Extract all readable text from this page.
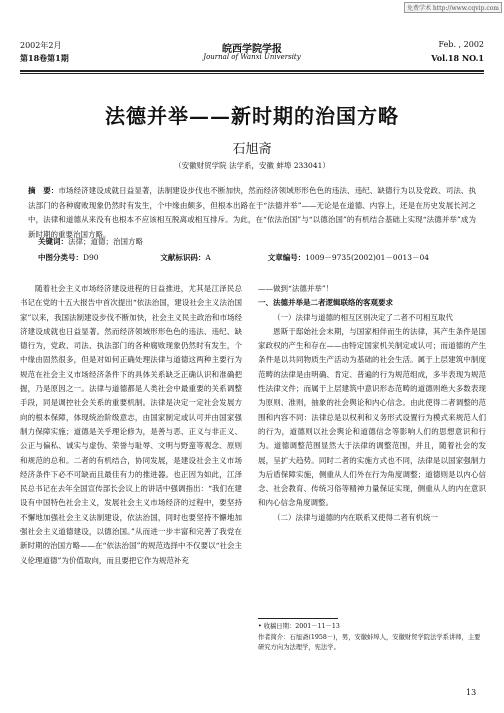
免费学术 http://www.cqvip.com
2002年2月
第18卷第1期
皖西学院学报
Journal of Wanxi University
Feb. , 2002
Vol.18 NO.1
法德并举——新时期的治国方略
石旭斋
（安徽财贸学院 法学系，安徽 蚌埠 233041）
摘　要：市场经济建设成就日益显著，法制建设步伐也不断加快，然而经济领域形形色色的违法、违纪、缺德行为以及党政、司法、执法部门的各种腐败现象仍然时有发生，个中缘由颇多，但根本出路在于“法德并举”——无论是在道德、内容上，还是在历史发展长河之中，法律和道德从来没有也根本不应该相互脱离或相互排斥。为此，在“依法治国”与“以德治国”的有机结合基础上实现“法德并举”成为新时期的重要治国方略。
关键词：法律；道德；治国方略
中图分类号：D90	文献标识码：A	文章编号：1009－9735(2002)01－0013－04
随着社会主义市场经济建设进程的日益推进，尤其是江泽民总书记在党的十五大报告中首次提出“依法治国，建设社会主义法治国家”以来，我国法制建设步伐不断加快，社会主义民主政治和市场经济建设成就也日益显著。然而经济领域形形色色的违法、违纪、缺德行为，党政、司法、执法部门的各种腐败现象仍然时有发生，个中缘由固然很多，但是对如何正确处理法律与道德这两种主要行为规范在社会主义市场经济条件下的具体关系缺乏正确认识和准确把握，乃是原因之一。法律与道德都是人类社会中最重要的关系调整手段，同是调控社会关系的重要机制。法律是决定一定社会发展方向的根本保障，体现统治阶级意志，由国家制定或认可并由国家强制力保障实施；道德是关乎理论修为，是善与恶、正义与非正义、公正与偏私、诚实与虚伪、荣誉与耻辱、文明与野蛮等观念、原则和规范的总和。二者的有机结合，协同发展，是建设社会主义市场经济条件下必不可缺而且最佳有力的推进器。也正因为如此，江泽民总书记在去年全国宣传部长会议上的讲话中强调指出：“我们在建设有中国特色社会主义，发展社会主义市场经济的过程中，要坚持不懈地加强社会主义法制建设，依法治国，同时也要坚持不懈地加强社会主义道德建设，以德治国。”从而进一步丰富和完善了我党在新时期的治国方略——在“依法治国”的规范选择中不仅要以“社会主义伦理道德”为价值取向，而且要把它作为规范补充

——做到“法德并举”！

一、法德并举是二者逻辑联络的客观要求

（一）法律与道德的相互区别决定了二者不可相互取代

恩斯于邸始社会末期，与国家相伴而生的法律，其产生条件是国家政权的产生和存在——由特定国家机关制定或认可；而道德的产生条件是以共同物质生产活动为基础的社会生活。属于上层建筑中制度范畴的法律是由明确、肯定、普遍的行为规范组成，多半表现为规范性法律文件；而属于上层建筑中意识形态范畴的道德则绝大多数表现为原则、准则，抽象的社会舆论和内心信念。由此使得二者调整的范围和内容不同：法律总是以权利和义务形式设置行为模式来规范人们的行为，道德则以社会舆论和道德信念等影响人们的思想意识和行为。道德调整范围显然大于法律的调整范围，并且，随着社会的发展，呈扩大趋势。同时二者的实施方式也不同，法律是以国家强制力为后盾保障实施，侧重从人们外在行为角度调整；道德则是以内心信念、社会教育、传统习俗等精神力量保证实现，侧重从人的内在意识和内心信念角度调整。

（二）法律与道德的内在联系又使得二者有机统一

• 收稿日期：2001－11－13
作者简介：石旭斋(1958－)，男，安徽蚌埠人，安徽财贸学院法学系讲师，主要研究方向为法理学，宪法学。
13
